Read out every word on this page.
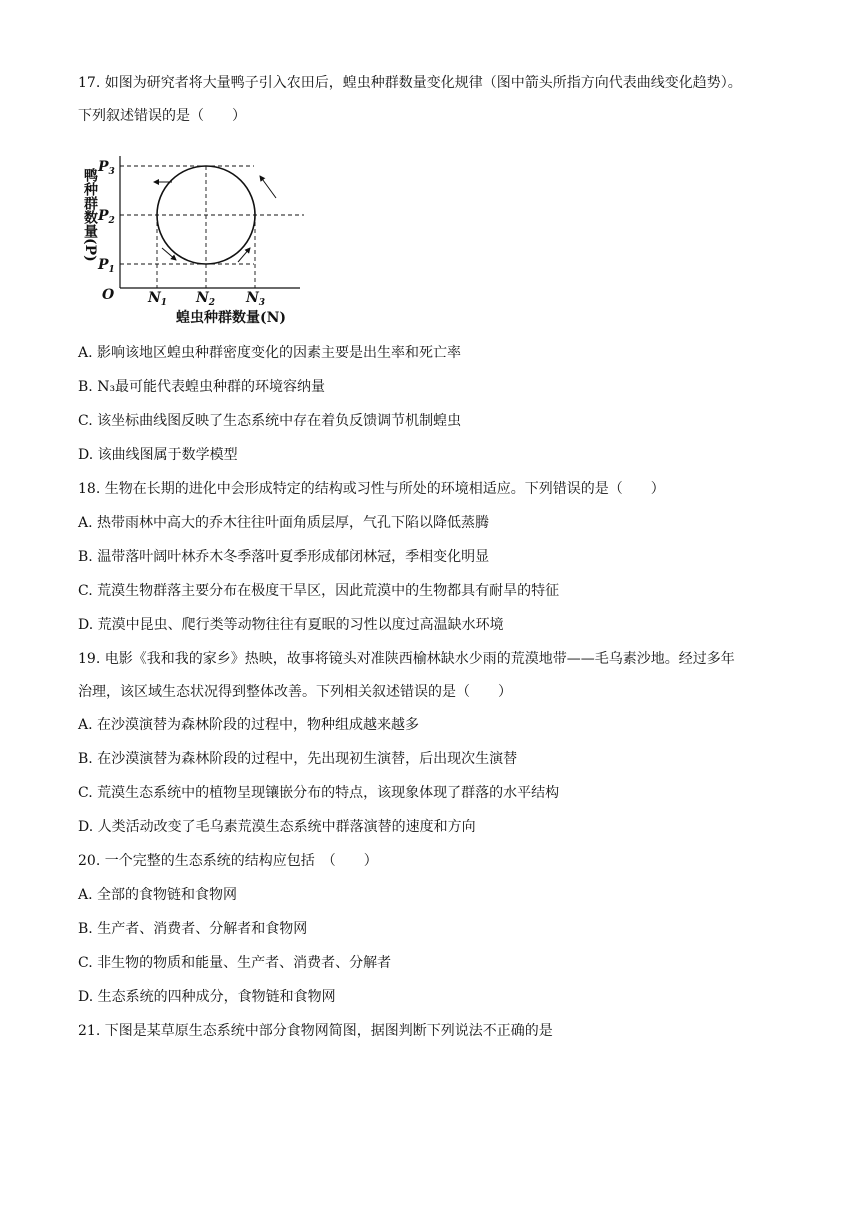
17. 如图为研究者将大量鸭子引入农田后，蝗虫种群数量变化规律（图中箭头所指方向代表曲线变化趋势）。
下列叙述错误的是（　　）
鸭种群数量(P)
$P_3$
$P_2$
$P_1$
O $N_1$ $N_2$ $N_3$
蝗虫种群数量(N)
A. 影响该地区蝗虫种群密度变化的因素主要是出生率和死亡率
B. N₃最可能代表蝗虫种群的环境容纳量
C. 该坐标曲线图反映了生态系统中存在着负反馈调节机制蝗虫
D. 该曲线图属于数学模型
18. 生物在长期的进化中会形成特定的结构或习性与所处的环境相适应。下列错误的是（　　）
A. 热带雨林中高大的乔木往往叶面角质层厚，气孔下陷以降低蒸腾
B. 温带落叶阔叶林乔木冬季落叶夏季形成郁闭林冠，季相变化明显
C. 荒漠生物群落主要分布在极度干旱区，因此荒漠中的生物都具有耐旱的特征
D. 荒漠中昆虫、爬行类等动物往往有夏眠的习性以度过高温缺水环境
19. 电影《我和我的家乡》热映，故事将镜头对准陕西榆林缺水少雨的荒漠地带——毛乌素沙地。经过多年
治理，该区域生态状况得到整体改善。下列相关叙述错误的是（　　）
A. 在沙漠演替为森林阶段的过程中，物种组成越来越多
B. 在沙漠演替为森林阶段的过程中，先出现初生演替，后出现次生演替
C. 荒漠生态系统中的植物呈现镶嵌分布的特点，该现象体现了群落的水平结构
D. 人类活动改变了毛乌素荒漠生态系统中群落演替的速度和方向
20. 一个完整的生态系统的结构应包括　（　　）
A. 全部的食物链和食物网
B. 生产者、消费者、分解者和食物网
C. 非生物的物质和能量、生产者、消费者、分解者
D. 生态系统的四种成分，食物链和食物网
21. 下图是某草原生态系统中部分食物网简图，据图判断下列说法不正确的是
